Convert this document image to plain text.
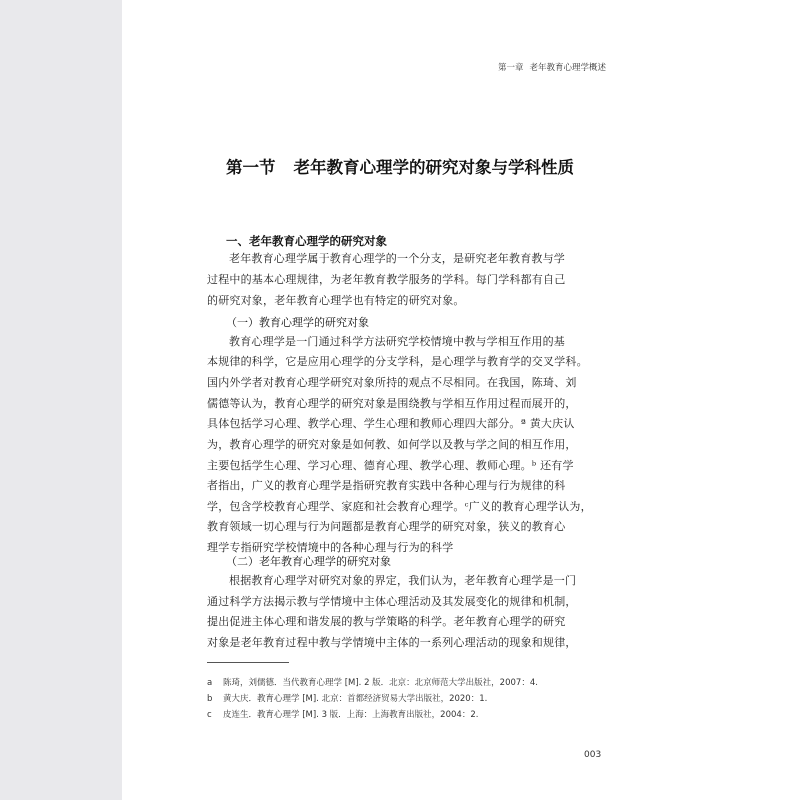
第一章 老年教育心理学概述
第一节 老年教育心理学的研究对象与学科性质
一、老年教育心理学的研究对象
老年教育心理学属于教育心理学的一个分支，是研究老年教育教与学
过程中的基本心理规律，为老年教育教学服务的学科。每门学科都有自己
的研究对象，老年教育心理学也有特定的研究对象。
（一）教育心理学的研究对象
教育心理学是一门通过科学方法研究学校情境中教与学相互作用的基
本规律的科学，它是应用心理学的分支学科，是心理学与教育学的交叉学科。
国内外学者对教育心理学研究对象所持的观点不尽相同。在我国，陈琦、刘
儒德等认为，教育心理学的研究对象是围绕教与学相互作用过程而展开的，
具体包括学习心理、教学心理、学生心理和教师心理四大部分。ª 黄大庆认
为，教育心理学的研究对象是如何教、如何学以及教与学之间的相互作用，
主要包括学生心理、学习心理、德育心理、教学心理、教师心理。ᵇ 还有学
者指出，广义的教育心理学是指研究教育实践中各种心理与行为规律的科
学，包含学校教育心理学、家庭和社会教育心理学。ᶜ广义的教育心理学认为，
教育领域一切心理与行为问题都是教育心理学的研究对象，狭义的教育心
理学专指研究学校情境中的各种心理与行为的科学
（二）老年教育心理学的研究对象
根据教育心理学对研究对象的界定，我们认为，老年教育心理学是一门
通过科学方法揭示教与学情境中主体心理活动及其发展变化的规律和机制，
提出促进主体心理和谐发展的教与学策略的科学。老年教育心理学的研究
对象是老年教育过程中教与学情境中主体的一系列心理活动的现象和规律，
a 陈琦，刘儒德．当代教育心理学 [M]. 2 版．北京：北京师范大学出版社，2007：4.
b 黄大庆．教育心理学 [M]. 北京：首都经济贸易大学出版社，2020：1.
c 皮连生．教育心理学 [M]. 3 版．上海：上海教育出版社，2004：2.
003
